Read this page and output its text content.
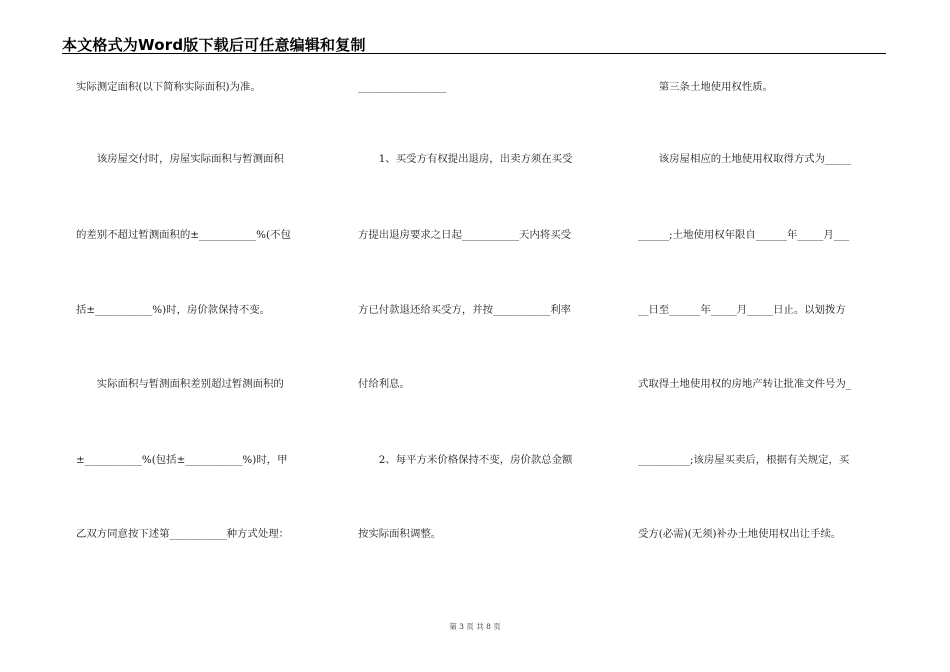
本文格式为Word版下载后可任意编辑和复制
实际测定面积(以下简称实际面积)为准。
　　该房屋交付时，房屋实际面积与暂测面积
的差别不超过暂测面积的±___________%(不包
括±___________%)时，房价款保持不变。
　　实际面积与暂测面积差别超过暂测面积的
±___________%(包括±___________%)时，甲
乙双方同意按下述第___________种方式处理：
_________________
　　1、买受方有权提出退房，出卖方须在买受
方提出退房要求之日起___________天内将买受
方已付款退还给买受方，并按___________利率
付给利息。
　　2、每平方米价格保持不变，房价款总金额
按实际面积调整。
　　第三条土地使用权性质。
　　该房屋相应的土地使用权取得方式为_____
______;土地使用权年限自______年_____月___
__日至______年_____月_____日止。以划拨方
式取得土地使用权的房地产转让批准文件号为_
__________;该房屋买卖后，根据有关规定，买
受方(必需)(无须)补办土地使用权出让手续。
第 3 页 共 8 页
